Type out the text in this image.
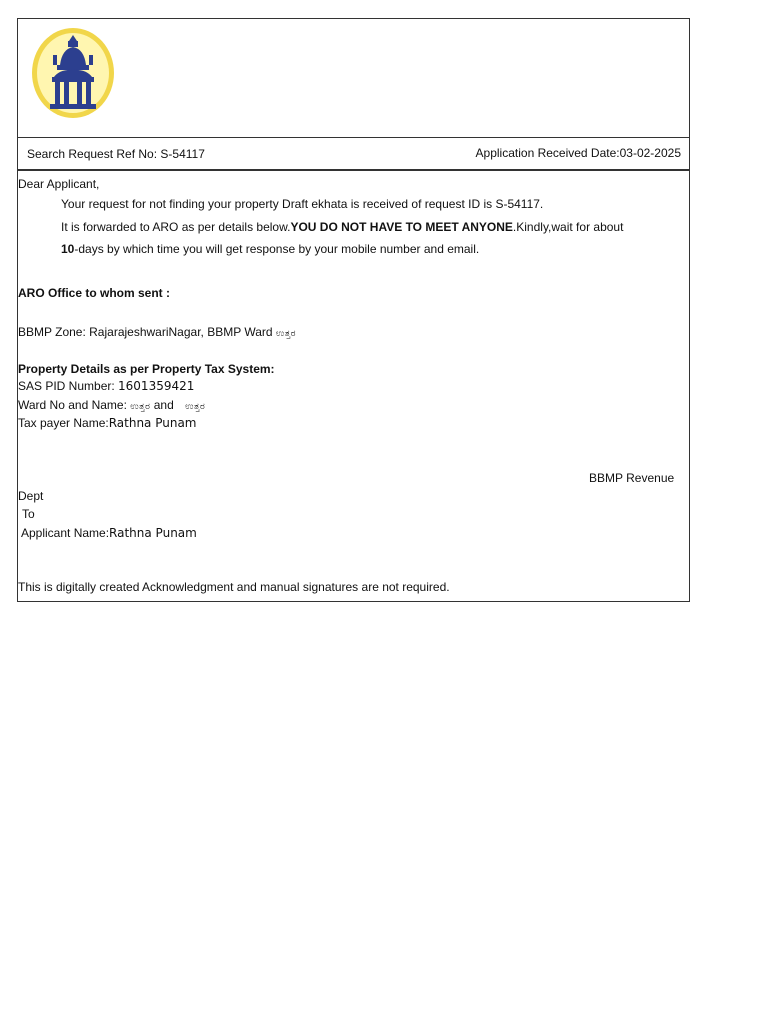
Search Request Ref No: S-54117	Application Received Date:03-02-2025
Dear Applicant,
Your request for not finding your property Draft ekhata is received of request ID is S-54117.
It is forwarded to ARO as per details below.YOU DO NOT HAVE TO MEET ANYONE.Kindly,wait for about
10-days by which time you will get response by your mobile number and email.
ARO Office to whom sent :
BBMP Zone: RajarajeshwariNagar, BBMP Ward ಉತ್ತರ
Property Details as per Property Tax System:
SAS PID Number: 1601359421
Ward No and Name: ಉತ್ತರ and ಉತ್ತರ
Tax payer Name:Rathna Punam
BBMP Revenue
Dept
To
Applicant Name:Rathna Punam
This is digitally created Acknowledgment and manual signatures are not required.
